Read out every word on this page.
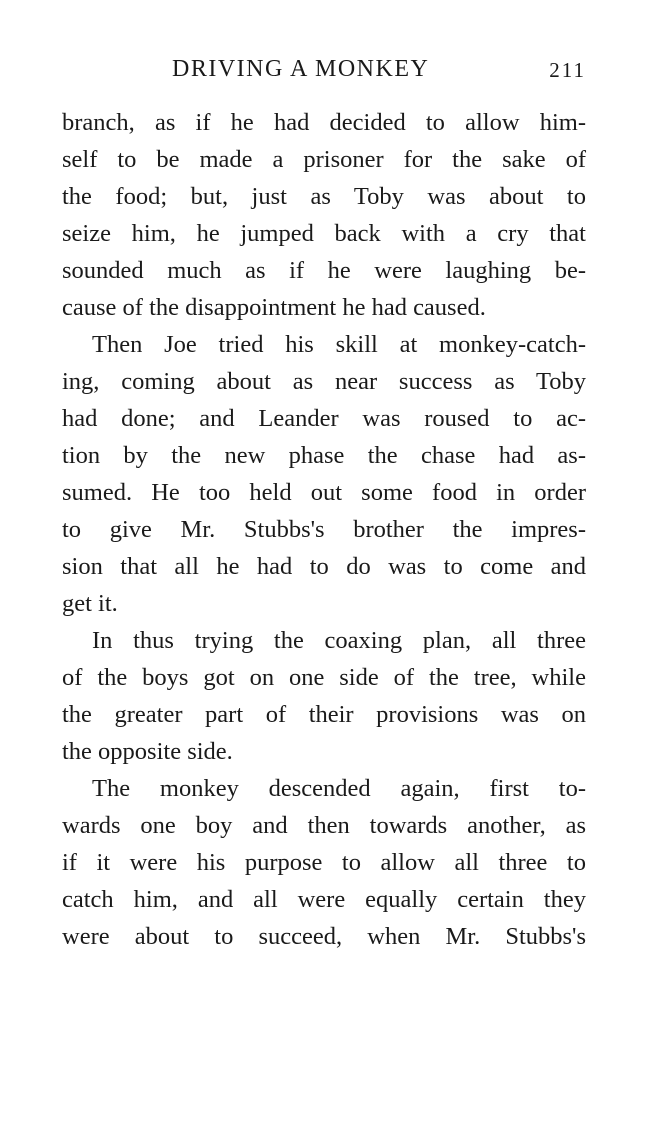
DRIVING A MONKEY	211
branch, as if he had decided to allow him-
self to be made a prisoner for the sake of
the food; but, just as Toby was about to
seize him, he jumped back with a cry that
sounded much as if he were laughing be-
cause of the disappointment he had caused.
Then Joe tried his skill at monkey-catch-
ing, coming about as near success as Toby
had done; and Leander was roused to ac-
tion by the new phase the chase had as-
sumed. He too held out some food in order
to give Mr. Stubbs's brother the impres-
sion that all he had to do was to come and
get it.
In thus trying the coaxing plan, all three
of the boys got on one side of the tree, while
the greater part of their provisions was on
the opposite side.
The monkey descended again, first to-
wards one boy and then towards another, as
if it were his purpose to allow all three to
catch him, and all were equally certain they
were about to succeed, when Mr. Stubbs's
